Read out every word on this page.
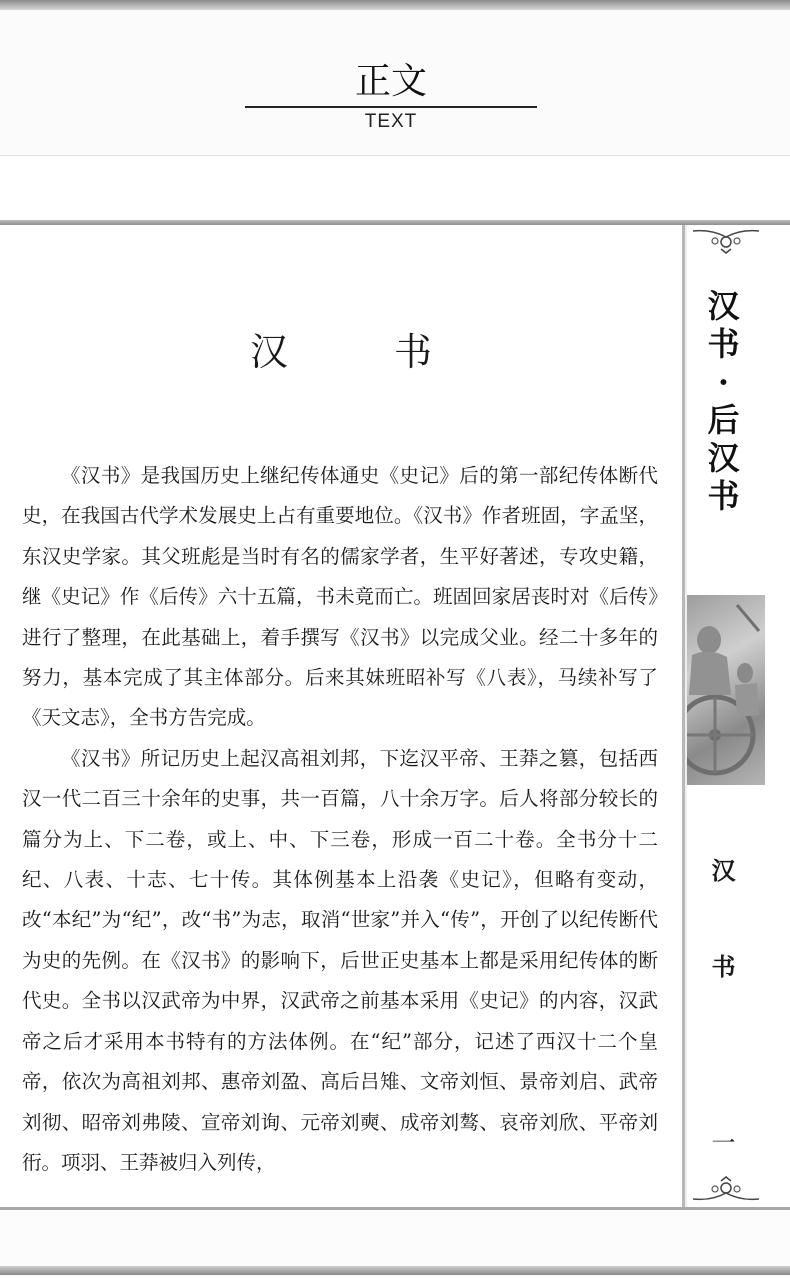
正文
TEXT
汉书

《汉书》是我国历史上继纪传体通史《史记》后的第一部纪传体断代史，在我国古代学术发展史上占有重要地位。《汉书》作者班固，字孟坚，东汉史学家。其父班彪是当时有名的儒家学者，生平好著述，专攻史籍，继《史记》作《后传》六十五篇，书未竟而亡。班固回家居丧时对《后传》进行了整理，在此基础上，着手撰写《汉书》以完成父业。经二十多年的努力，基本完成了其主体部分。后来其妹班昭补写《八表》，马续补写了《天文志》，全书方告完成。

《汉书》所记历史上起汉高祖刘邦，下迄汉平帝、王莽之篡，包括西汉一代二百三十余年的史事，共一百篇，八十余万字。后人将部分较长的篇分为上、下二卷，或上、中、下三卷，形成一百二十卷。全书分十二纪、八表、十志、七十传。其体例基本上沿袭《史记》，但略有变动，改“本纪”为“纪”，改“书”为志，取消“世家”并入“传”，开创了以纪传断代为史的先例。在《汉书》的影响下，后世正史基本上都是采用纪传体的断代史。全书以汉武帝为中界，汉武帝之前基本采用《史记》的内容，汉武帝之后才采用本书特有的方法体例。在“纪”部分，记述了西汉十二个皇帝，依次为高祖刘邦、惠帝刘盈、高后吕雉、文帝刘恒、景帝刘启、武帝刘彻、昭帝刘弗陵、宣帝刘询、元帝刘奭、成帝刘骜、哀帝刘欣、平帝刘衎。项羽、王莽被归入列传，

汉
书
·
后
汉
书
汉
书
一
